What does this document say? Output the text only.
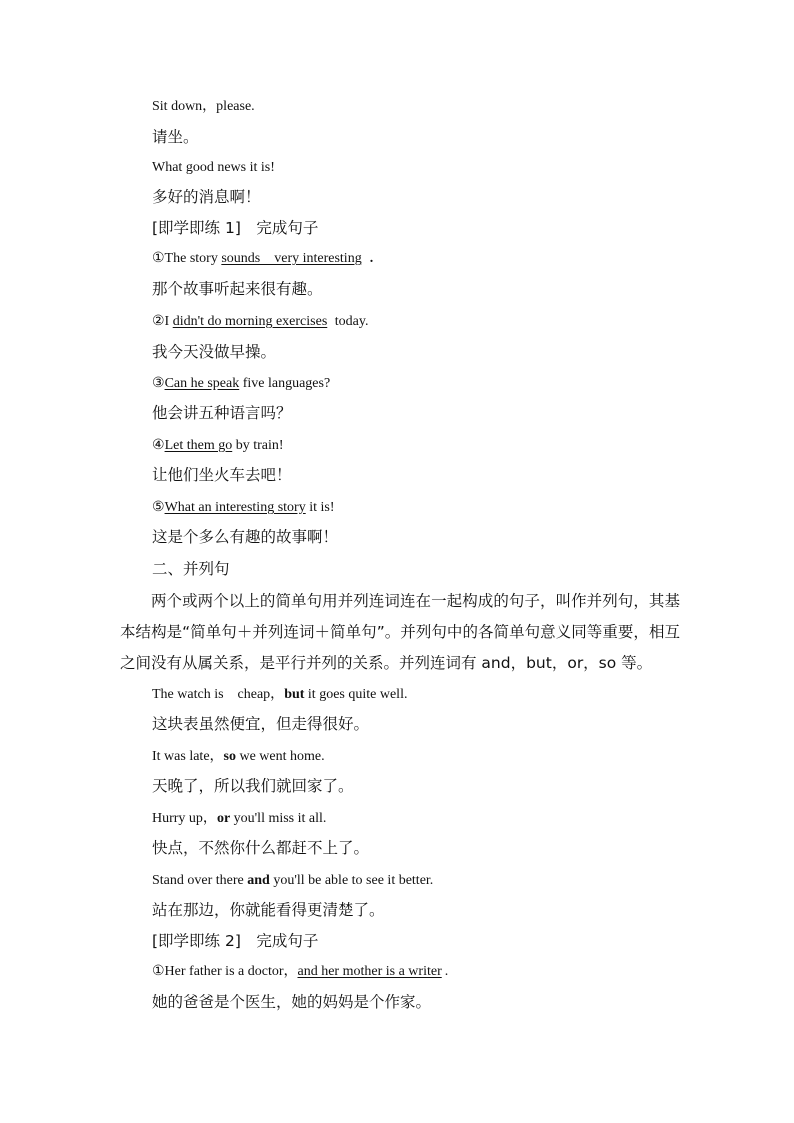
Sit down，please.
请坐。
What good news it is!
多好的消息啊！
[即学即练 1]　完成句子
①The story sounds　very interesting .
那个故事听起来很有趣。
②I didn't do morning exercises today.
我今天没做早操。
③Can he speak five languages?
他会讲五种语言吗？
④Let them go by train!
让他们坐火车去吧！
⑤What an interesting story it is!
这是个多么有趣的故事啊！
二、并列句
两个或两个以上的简单句用并列连词连在一起构成的句子，叫作并列句，其基本结构是“简单句＋并列连词＋简单句”。并列句中的各简单句意义同等重要，相互之间没有从属关系，是平行并列的关系。并列连词有 and，but，or，so 等。
The watch is　cheap，but it goes quite well.
这块表虽然便宜，但走得很好。
It was late，so we went home.
天晚了，所以我们就回家了。
Hurry up，or you'll miss it all.
快点，不然你什么都赶不上了。
Stand over there and you'll be able to see it better.
站在那边，你就能看得更清楚了。
[即学即练 2]　完成句子
①Her father is a doctor，and her mother is a writer .
她的爸爸是个医生，她的妈妈是个作家。
